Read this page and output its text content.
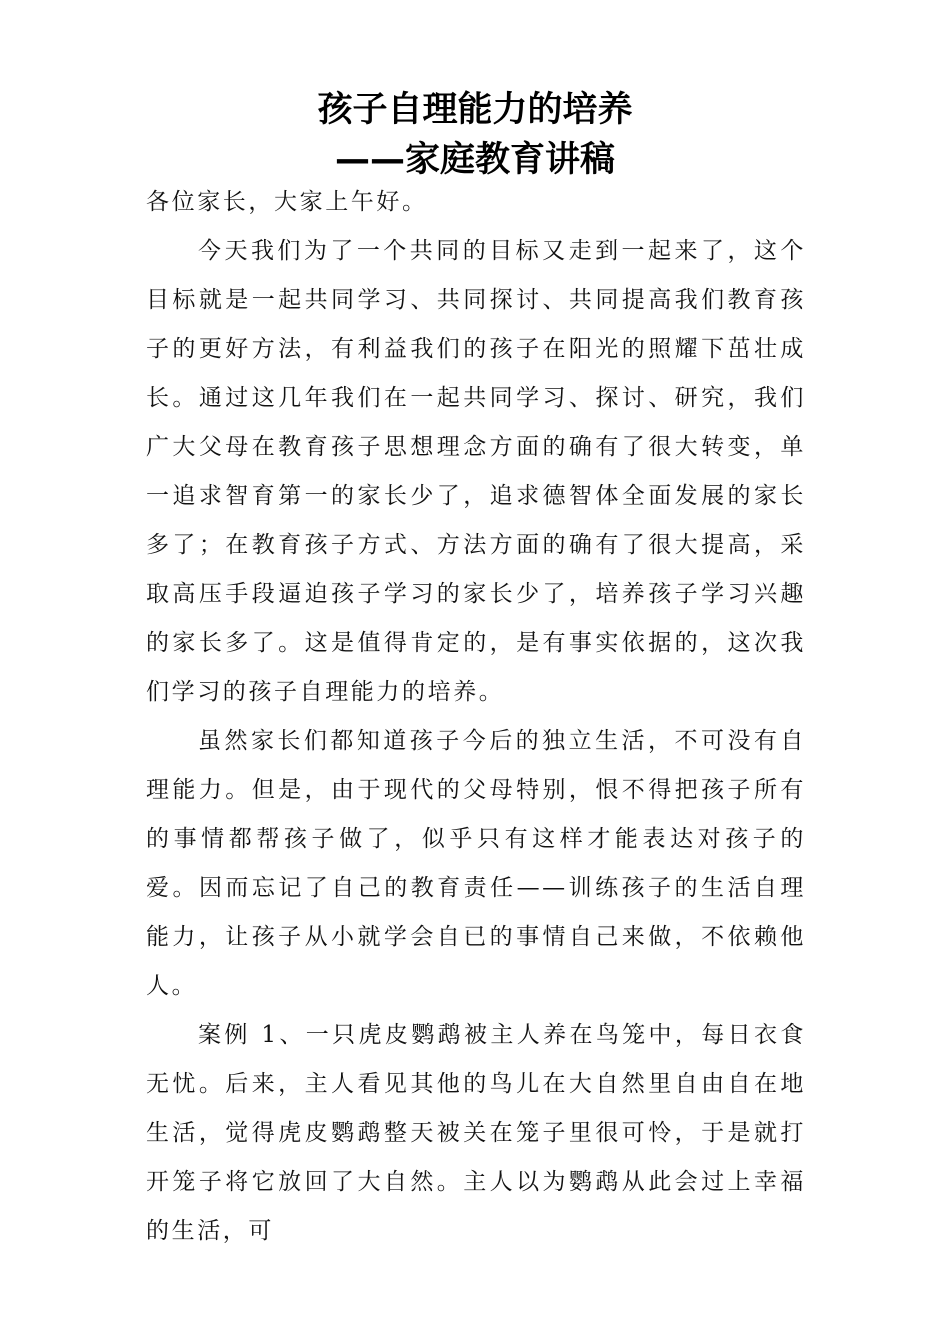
孩子自理能力的培养
——家庭教育讲稿

各位家长，大家上午好。

今天我们为了一个共同的目标又走到一起来了，这个目标就是一起共同学习、共同探讨、共同提高我们教育孩子的更好方法，有利益我们的孩子在阳光的照耀下茁壮成长。通过这几年我们在一起共同学习、探讨、研究，我们广大父母在教育孩子思想理念方面的确有了很大转变，单一追求智育第一的家长少了，追求德智体全面发展的家长多了；在教育孩子方式、方法方面的确有了很大提高，采取高压手段逼迫孩子学习的家长少了，培养孩子学习兴趣的家长多了。这是值得肯定的，是有事实依据的，这次我们学习的孩子自理能力的培养。

虽然家长们都知道孩子今后的独立生活，不可没有自理能力。但是，由于现代的父母特别，恨不得把孩子所有的事情都帮孩子做了，似乎只有这样才能表达对孩子的爱。因而忘记了自己的教育责任——训练孩子的生活自理能力，让孩子从小就学会自已的事情自己来做，不依赖他人。

案例 1、一只虎皮鹦鹉被主人养在鸟笼中，每日衣食无忧。后来，主人看见其他的鸟儿在大自然里自由自在地生活，觉得虎皮鹦鹉整天被关在笼子里很可怜，于是就打开笼子将它放回了大自然。主人以为鹦鹉从此会过上幸福的生活，可
